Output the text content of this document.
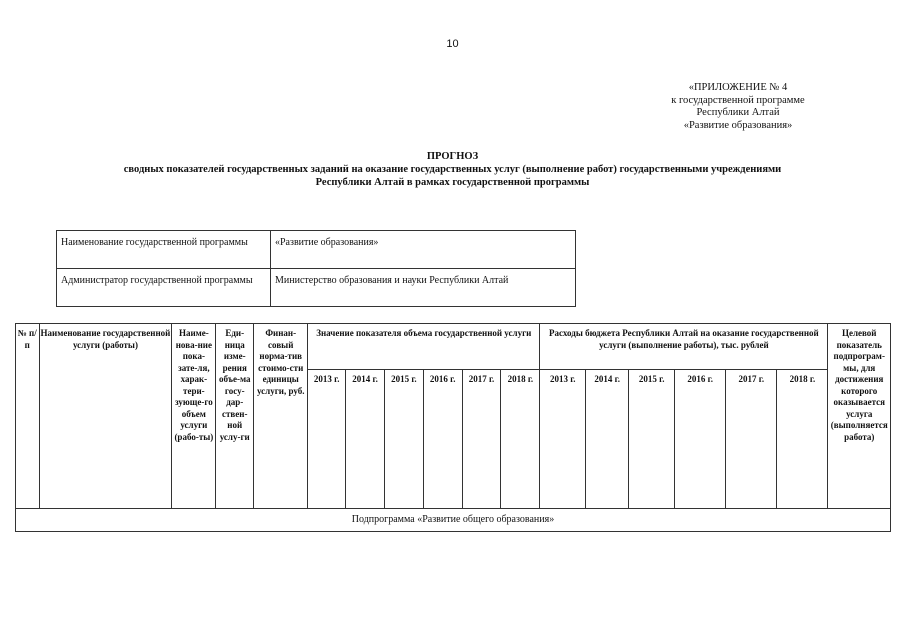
10
«ПРИЛОЖЕНИЕ № 4
к государственной программе
Республики Алтай
«Развитие образования»
ПРОГНОЗ
сводных показателей государственных заданий на оказание государственных услуг (выполнение работ) государственными учреждениями
Республики Алтай в рамках государственной программы
Наименование государственной программы	«Развитие образования»
Администратор государственной программы	Министерство образования и науки Республики Алтай
№ п/п	Наименование государственной услуги (работы)	Наиме-нова-ние пока-зате-ля, харак-тери-зующе-го объем услуги (рабо-ты)	Еди-ница изме-рения объе-ма госу-дар-ствен-ной услу-ги	Финан-совый норма-тив стоимо-сти единицы услуги, руб.	Значение показателя объема государственной услуги						Расходы бюджета Республики Алтай на оказание государственной услуги (выполнение работы), тыс. рублей						Целевой показатель подпрограм-мы, для достижения которого оказывается услуга (выполняется работа)
					2013 г.	2014 г.	2015 г.	2016 г.	2017 г.	2018 г.	2013 г.	2014 г.	2015 г.	2016 г.	2017 г.	2018 г.	
Подпрограмма «Развитие общего образования»																	
